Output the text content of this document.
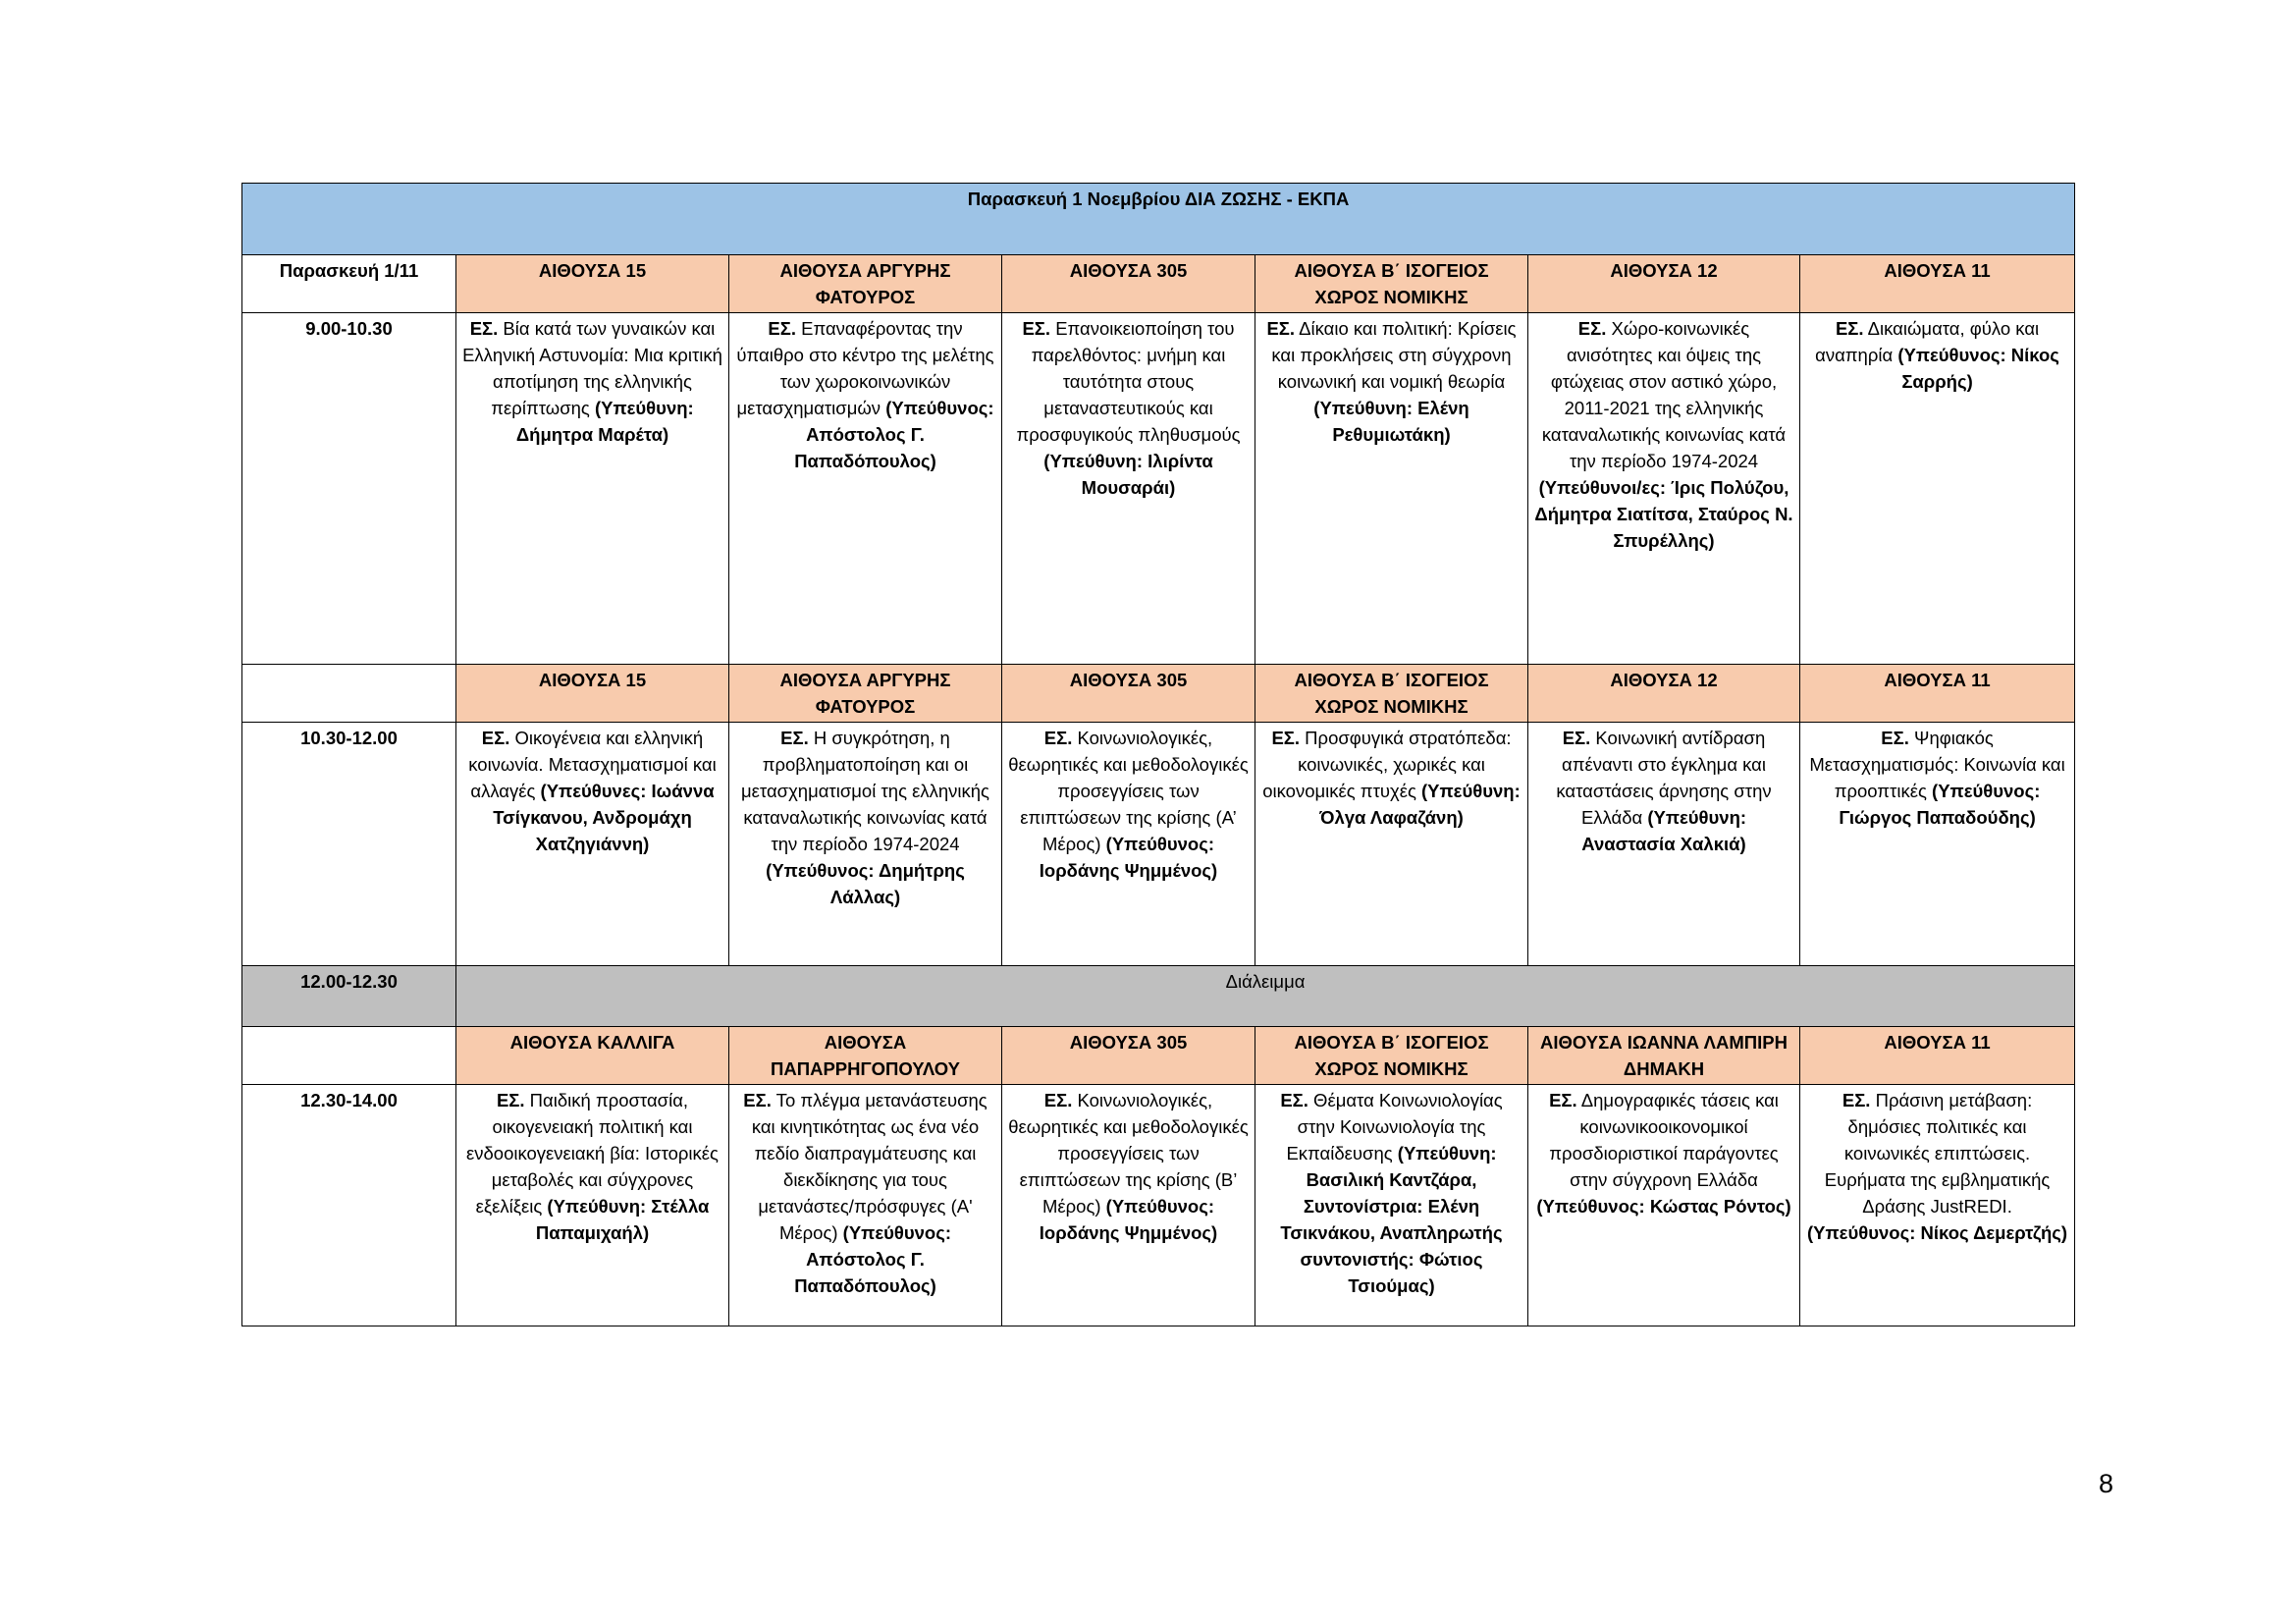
Παρασκευή 1 Νοεμβρίου ΔΙΑ ΖΩΣΗΣ - ΕΚΠΑ						
Παρασκευή 1/11	ΑΙΘΟΥΣΑ 15	ΑΙΘΟΥΣΑ ΑΡΓΥΡΗΣ ΦΑΤΟΥΡΟΣ	ΑΙΘΟΥΣΑ 305	ΑΙΘΟΥΣΑ Β΄ ΙΣΟΓΕΙΟΣ ΧΩΡΟΣ ΝΟΜΙΚΗΣ	ΑΙΘΟΥΣΑ 12	ΑΙΘΟΥΣΑ 11
9.00-10.30	ΕΣ. Βία κατά των γυναικών και Ελληνική Αστυνομία: Μια κριτική αποτίμηση της ελληνικής περίπτωσης (Υπεύθυνη: Δήμητρα Μαρέτα)	ΕΣ. Επαναφέροντας την ύπαιθρο στο κέντρο της μελέτης των χωροκοινωνικών μετασχηματισμών (Υπεύθυνος: Απόστολος Γ. Παπαδόπουλος)	ΕΣ. Επανοικειοποίηση του παρελθόντος: μνήμη και ταυτότητα στους μεταναστευτικούς και προσφυγικούς πληθυσμούς (Υπεύθυνη: Ιλιρίντα Μουσαράι)	ΕΣ. Δίκαιο και πολιτική: Κρίσεις και προκλήσεις στη σύγχρονη κοινωνική και νομική θεωρία (Υπεύθυνη: Ελένη Ρεθυμιωτάκη)	ΕΣ. Χώρο-κοινωνικές ανισότητες και όψεις της φτώχειας στον αστικό χώρο, 2011-2021 της ελληνικής καταναλωτικής κοινωνίας κατά την περίοδο 1974-2024 (Υπεύθυνοι/ες: Ίρις Πολύζου, Δήμητρα Σιατίτσα, Σταύρος Ν. Σπυρέλλης)	ΕΣ. Δικαιώματα, φύλο και αναπηρία (Υπεύθυνος: Νίκος Σαρρής)
	ΑΙΘΟΥΣΑ 15	ΑΙΘΟΥΣΑ ΑΡΓΥΡΗΣ ΦΑΤΟΥΡΟΣ	ΑΙΘΟΥΣΑ 305	ΑΙΘΟΥΣΑ Β΄ ΙΣΟΓΕΙΟΣ ΧΩΡΟΣ ΝΟΜΙΚΗΣ	ΑΙΘΟΥΣΑ 12	ΑΙΘΟΥΣΑ 11
10.30-12.00	ΕΣ. Οικογένεια και ελληνική κοινωνία. Μετασχηματισμοί και αλλαγές (Υπεύθυνες: Ιωάννα Τσίγκανου, Ανδρομάχη Χατζηγιάννη)	ΕΣ. Η συγκρότηση, η προβληματοποίηση και οι μετασχηματισμοί της ελληνικής καταναλωτικής κοινωνίας κατά την περίοδο 1974-2024 (Υπεύθυνος: Δημήτρης Λάλλας)	ΕΣ. Κοινωνιολογικές, θεωρητικές και μεθοδολογικές προσεγγίσεις των επιπτώσεων της κρίσης (Α’ Μέρος) (Υπεύθυνος: Ιορδάνης Ψημμένος)	ΕΣ. Προσφυγικά στρατόπεδα: κοινωνικές, χωρικές και οικονομικές πτυχές (Υπεύθυνη: Όλγα Λαφαζάνη)	ΕΣ. Κοινωνική αντίδραση απέναντι στο έγκλημα και καταστάσεις άρνησης στην Ελλάδα (Υπεύθυνη: Αναστασία Χαλκιά)	ΕΣ. Ψηφιακός Μετασχηματισμός: Κοινωνία και προοπτικές (Υπεύθυνος: Γιώργος Παπαδούδης)
12.00-12.30	Διάλειμμα					
	ΑΙΘΟΥΣΑ ΚΑΛΛΙΓΑ	ΑΙΘΟΥΣΑ ΠΑΠΑΡΡΗΓΟΠΟΥΛΟΥ	ΑΙΘΟΥΣΑ 305	ΑΙΘΟΥΣΑ Β΄ ΙΣΟΓΕΙΟΣ ΧΩΡΟΣ ΝΟΜΙΚΗΣ	ΑΙΘΟΥΣΑ ΙΩΑΝΝΑ ΛΑΜΠΙΡΗ ΔΗΜΑΚΗ	ΑΙΘΟΥΣΑ 11
12.30-14.00	ΕΣ. Παιδική προστασία, οικογενειακή πολιτική και ενδοοικογενειακή βία: Ιστορικές μεταβολές και σύγχρονες εξελίξεις (Υπεύθυνη: Στέλλα Παπαμιχαήλ)	ΕΣ. Το πλέγμα μετανάστευσης και κινητικότητας ως ένα νέο πεδίο διαπραγμάτευσης και διεκδίκησης για τους μετανάστες/πρόσφυγες (Α' Μέρος) (Υπεύθυνος: Απόστολος Γ. Παπαδόπουλος)	ΕΣ. Κοινωνιολογικές, θεωρητικές και μεθοδολογικές προσεγγίσεις των επιπτώσεων της κρίσης (Β’ Μέρος) (Υπεύθυνος: Ιορδάνης Ψημμένος)	ΕΣ. Θέματα Κοινωνιολογίας στην Κοινωνιολογία της Εκπαίδευσης (Υπεύθυνη: Βασιλική Καντζάρα, Συντονίστρια: Ελένη Τσικνάκου, Αναπληρωτής συντονιστής: Φώτιος Τσιούμας)	ΕΣ. Δημογραφικές τάσεις και κοινωνικοοικονομικοί προσδιοριστικοί παράγοντες στην σύγχρονη Ελλάδα (Υπεύθυνος: Κώστας Ρόντος)	ΕΣ. Πράσινη μετάβαση: δημόσιες πολιτικές και κοινωνικές επιπτώσεις. Ευρήματα της εμβληματικής Δράσης JustREDI. (Υπεύθυνος: Νίκος Δεμερτζής)
8
